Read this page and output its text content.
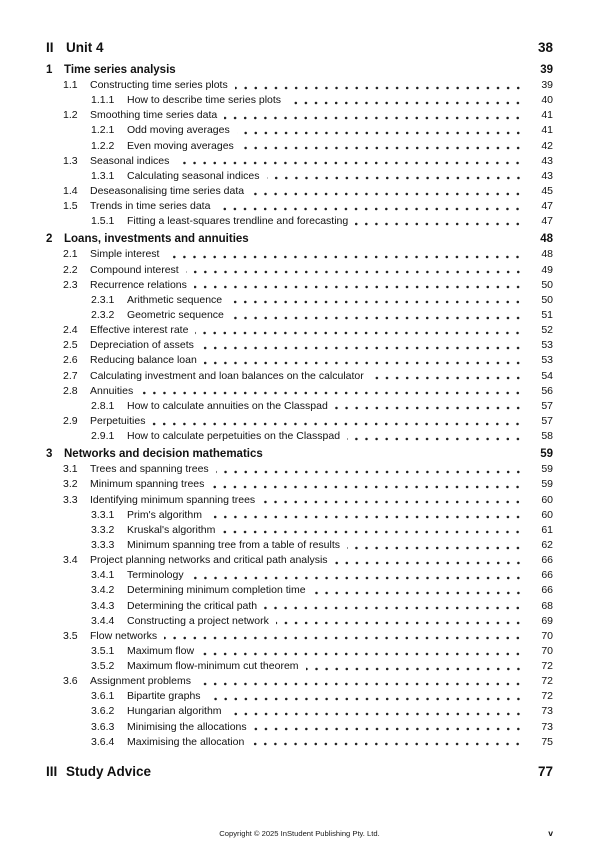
II Unit 4	38
1	Time series analysis	39
1.1	Constructing time series plots	39
1.1.1	How to describe time series plots	40
1.2	Smoothing time series data	41
1.2.1	Odd moving averages	41
1.2.2	Even moving averages	42
1.3	Seasonal indices	43
1.3.1	Calculating seasonal indices	43
1.4	Deseasonalising time series data	45
1.5	Trends in time series data	47
1.5.1	Fitting a least-squares trendline and forecasting	47
2	Loans, investments and annuities	48
2.1	Simple interest	48
2.2	Compound interest	49
2.3	Recurrence relations	50
2.3.1	Arithmetic sequence	50
2.3.2	Geometric sequence	51
2.4	Effective interest rate	52
2.5	Depreciation of assets	53
2.6	Reducing balance loan	53
2.7	Calculating investment and loan balances on the calculator	54
2.8	Annuities	56
2.8.1	How to calculate annuities on the Classpad	57
2.9	Perpetuities	57
2.9.1	How to calculate perpetuities on the Classpad	58
3	Networks and decision mathematics	59
3.1	Trees and spanning trees	59
3.2	Minimum spanning trees	59
3.3	Identifying minimum spanning trees	60
3.3.1	Prim's algorithm	60
3.3.2	Kruskal's algorithm	61
3.3.3	Minimum spanning tree from a table of results	62
3.4	Project planning networks and critical path analysis	66
3.4.1	Terminology	66
3.4.2	Determining minimum completion time	66
3.4.3	Determining the critical path	68
3.4.4	Constructing a project network	69
3.5	Flow networks	70
3.5.1	Maximum flow	70
3.5.2	Maximum flow-minimum cut theorem	72
3.6	Assignment problems	72
3.6.1	Bipartite graphs	72
3.6.2	Hungarian algorithm	73
3.6.3	Minimising the allocations	73
3.6.4	Maximising the allocation	75
III Study Advice	77
Copyright © 2025 InStudent Publishing Pty. Ltd.	v
